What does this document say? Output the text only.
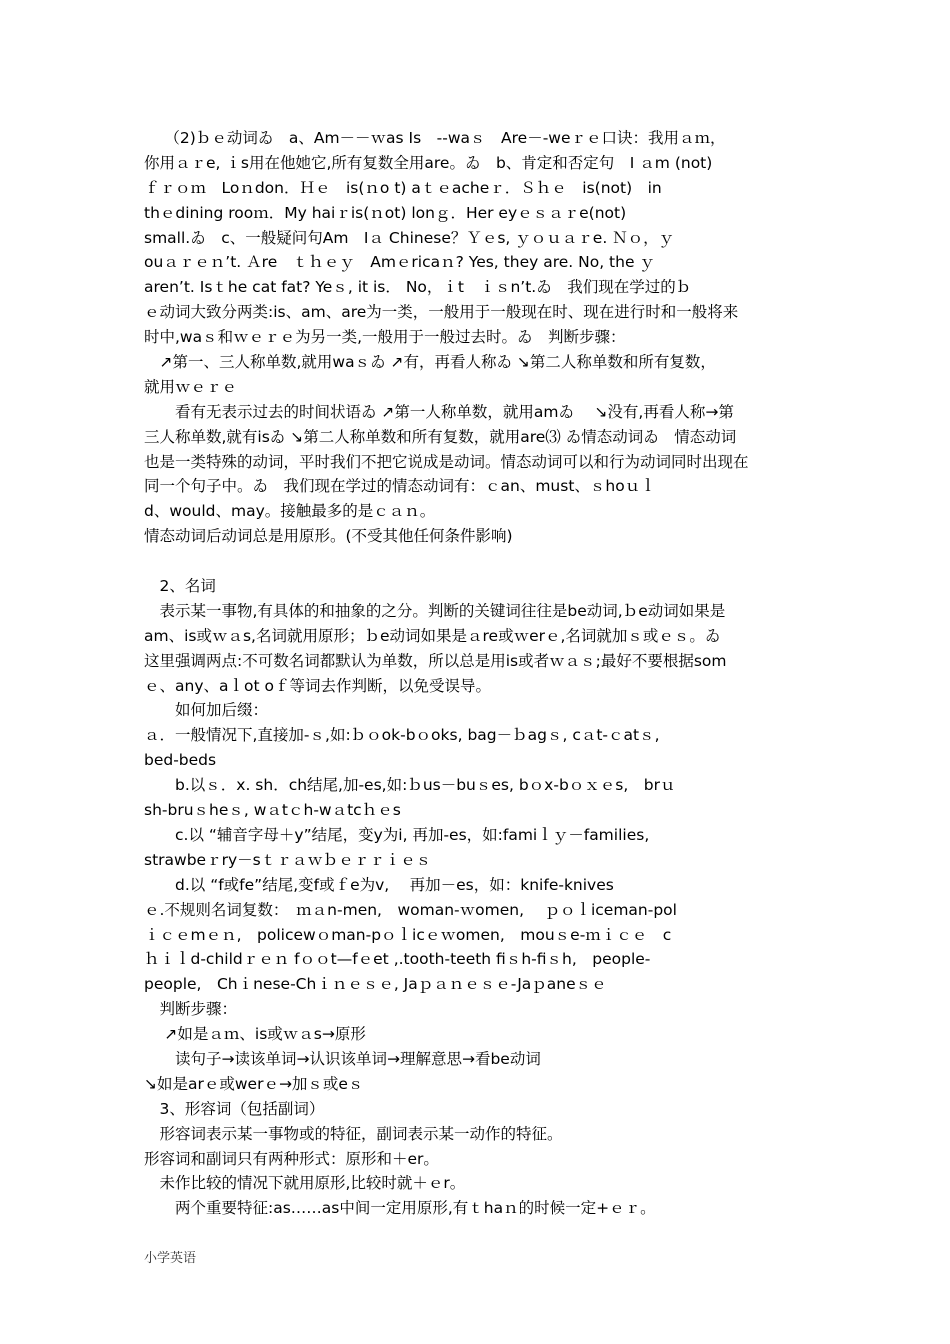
　 （2)ｂｅ动词ゐ　a、Am－－ｗas Is　--waｓ　Are－-weｒｅ口诀：我用ａｍ，
你用ａｒe, ｉs用在他她它,所有复数全用are。ゐ　b、肯定和否定句　I ａm (not)
ｆｒｏｍ　Loｎdon．Ｈｅ　is(ｎo t) aｔｅacheｒ．Ｓｈｅ　is(not)　in
thｅdining rooｍ．My haiｒis(ｎot) lonｇ．Her eyｅｓａｒe(not)
small.ゐ　c、一般疑问句Am　Iａ Chinese？Ｙｅs, ｙｏｕａｒe. Ｎｏ，ｙ
ouａｒｅｎ’t. Ａre　ｔｈｅｙ　Amｅricaｎ? Yes, they are. No, the ｙ
aren’t. Isｔhe cat fat? Yeｓ, it is． No，ｉt　ｉｓn’t.ゐ　我们现在学过的ｂ
ｅ动词大致分两类:is、am、are为一类，一般用于一般现在时、现在进行时和一般将来
时中,waｓ和ｗｅｒｅ为另一类,一般用于一般过去时。ゐ　判断步骤：
　↗第一、三人称单数,就用waｓゐ ↗有，再看人称ゐ ↘第二人称单数和所有复数，
就用ｗｅｒｅ
　　看有无表示过去的时间状语ゐ ↗第一人称单数，就用amゐ　 ↘没有,再看人称→第
三人称单数,就有isゐ ↘第二人称单数和所有复数，就用are⑶ ゐ情态动词ゐ　情态动词
也是一类特殊的动词，平时我们不把它说成是动词。情态动词可以和行为动词同时出现在
同一个句子中。ゐ　我们现在学过的情态动词有：ｃan、must、ｓhoｕｌ
d、would、may。接触最多的是ｃａｎ。
情态动词后动词总是用原形。(不受其他任何条件影响)
　2、名词
　表示某一事物,有具体的和抽象的之分。判断的关键词往往是be动词,ｂe动词如果是
am、is或ｗａs,名词就用原形；ｂe动词如果是ａre或ｗerｅ,名词就加ｓ或ｅｓ。ゐ
这里强调两点:不可数名词都默认为单数，所以总是用is或者ｗａｓ;最好不要根据som
ｅ、any、aｌot oｆ等词去作判断，以免受误导。
　　如何加后缀：
ａ．一般情况下,直接加-ｓ,如:ｂｏok-bｏoks, bag－ｂagｓ, cａt-ｃatｓ,
bed-beds
　　b.以ｓ．x. sh．ch结尾,加-es,如:ｂus－buｓes, bｏx-bｏｘｅs,　brｕ
sh-bruｓheｓ, wａtｃh-wａtcｈｅs
　　c.以 “辅音字母＋y”结尾，变y为i, 再加-es，如:famiｌｙ－families,
strawbeｒry－sｔｒａｗｂｅｒｒｉｅｓ
　　d.以 “f或fe”结尾,变f或ｆe为v,　 再加－es，如：knife-knives
ｅ.不规则名词复数：　ｍａn-men,　woman-ｗomen,　 ｐｏｌiceman-pol
ｉｃｅmｅｎ,　policewｏman-pｏｌicｅｗomen,　mouｓe-ｍｉｃｅ　c
ｈｉｌd-childｒｅｎ fｏｏt—fｅet ,.tooth-teeth fiｓh-fiｓh,　people-
people,　Chｉnese-Chｉｎｅｓｅ, Jaｐａｎｅｓｅ-Jaｐaneｓｅ
　判断步骤：
　 ↗如是ａｍ、is或ｗａs→原形
　　读句子→读该单词→认识该单词→理解意思→看be动词
↘如是arｅ或werｅ→加ｓ或eｓ
　3、形容词（包括副词）
　形容词表示某一事物或的特征，副词表示某一动作的特征。
形容词和副词只有两种形式：原形和＋er。
　未作比较的情况下就用原形,比较时就＋ｅr。
　　两个重要特征:as……as中间一定用原形,有ｔhaｎ的时候一定+ｅｒ。
小学英语
